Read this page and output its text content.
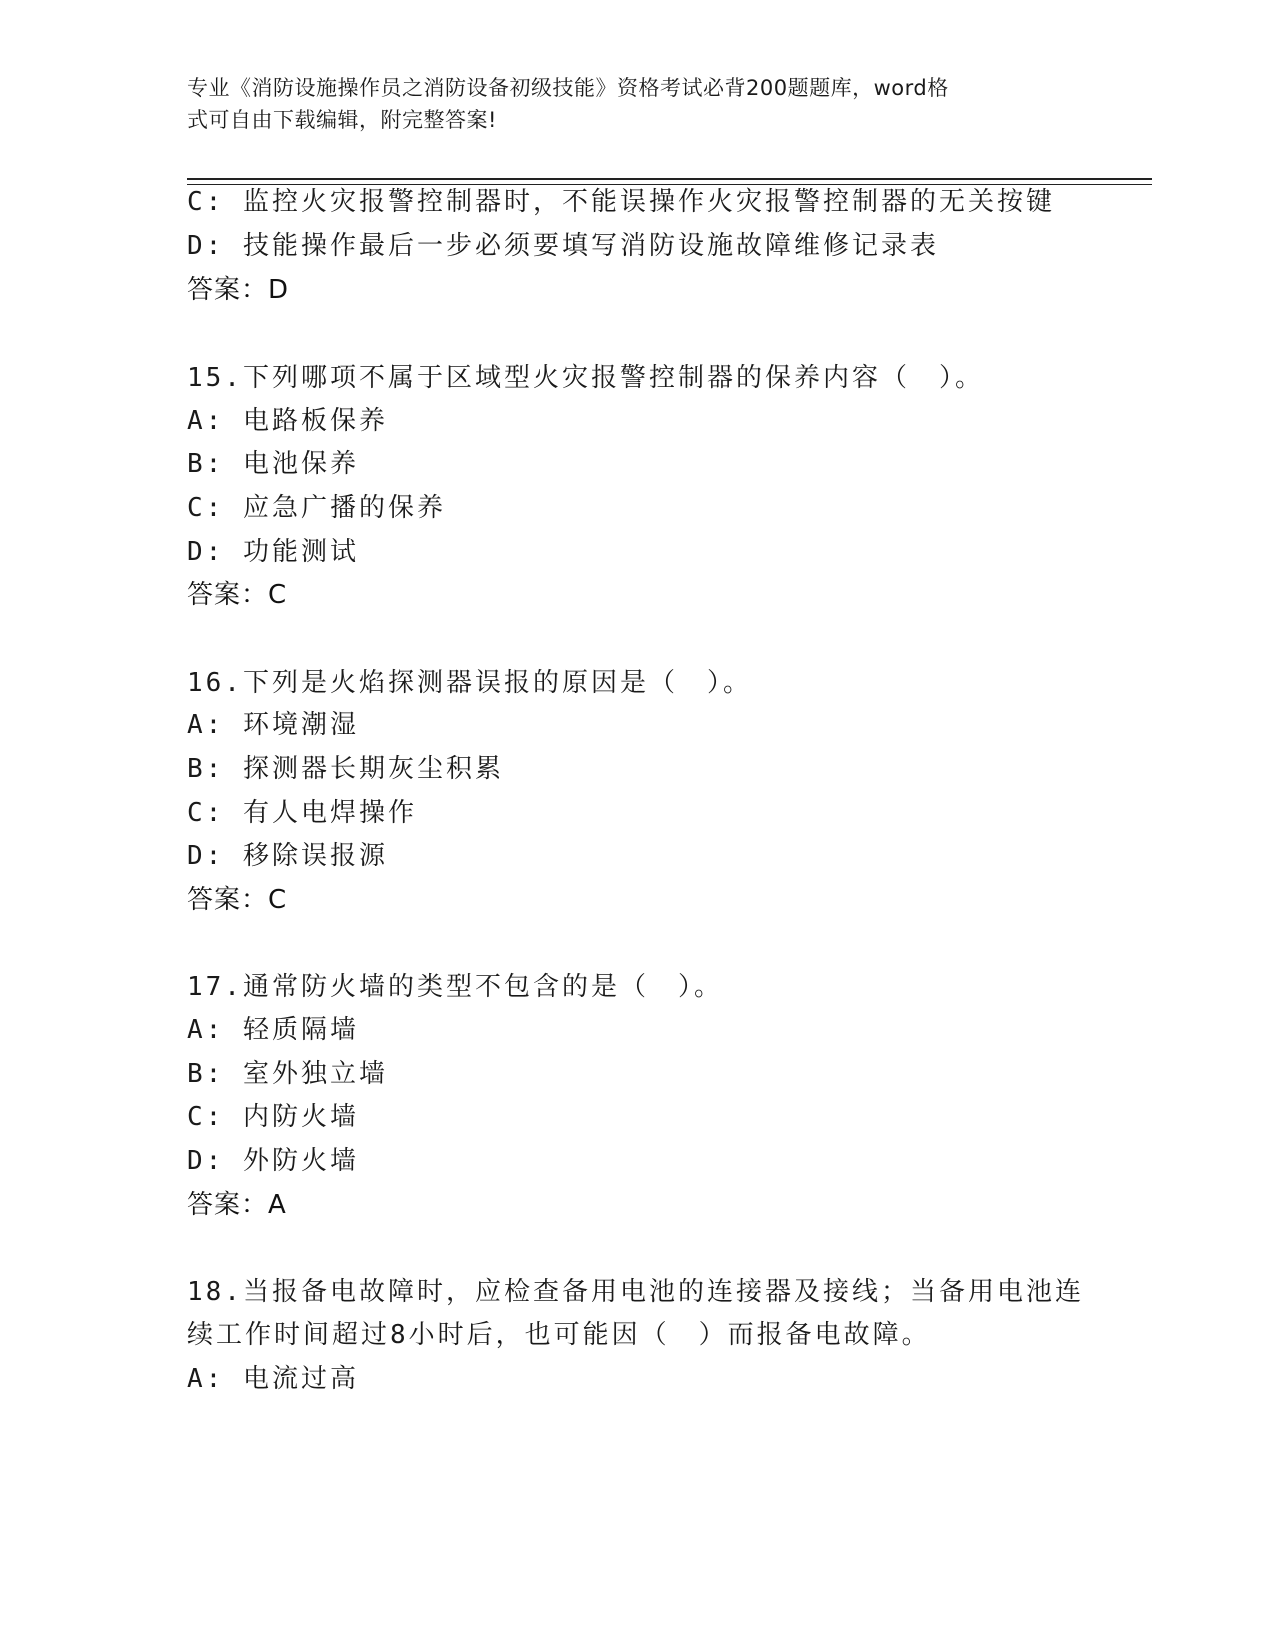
专业《消防设施操作员之消防设备初级技能》资格考试必背200题题库，word格
式可自由下载编辑，附完整答案!
C: 监控火灾报警控制器时，不能误操作火灾报警控制器的无关按键
D: 技能操作最后一步必须要填写消防设施故障维修记录表
答案：D
15.下列哪项不属于区域型火灾报警控制器的保养内容（　）。
A: 电路板保养
B: 电池保养
C: 应急广播的保养
D: 功能测试
答案：C
16.下列是火焰探测器误报的原因是（　）。
A: 环境潮湿
B: 探测器长期灰尘积累
C: 有人电焊操作
D: 移除误报源
答案：C
17.通常防火墙的类型不包含的是（　）。
A: 轻质隔墙
B: 室外独立墙
C: 内防火墙
D: 外防火墙
答案：A
18.当报备电故障时，应检查备用电池的连接器及接线；当备用电池连
续工作时间超过8小时后，也可能因（　）而报备电故障。
A: 电流过高
